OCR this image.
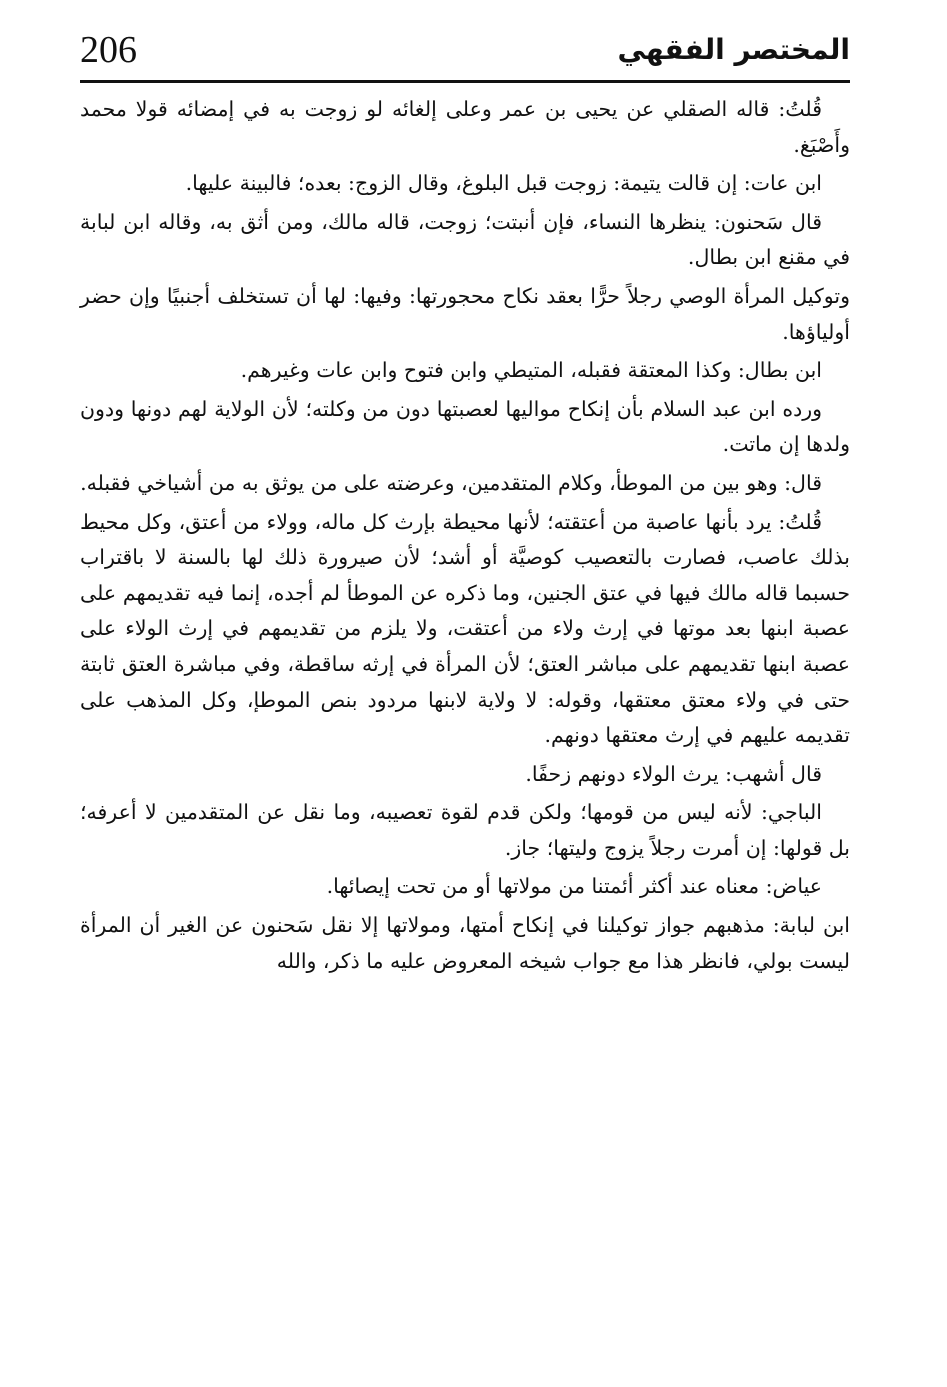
206	المختصر الفقهي

قُلتُ: قاله الصقلي عن يحيى بن عمر وعلى إلغائه لو زوجت به في إمضائه قولا محمد وأَصْبَغ.

ابن عات: إن قالت يتيمة: زوجت قبل البلوغ، وقال الزوج: بعده؛ فالبينة عليها.

قال سَحنون: ينظرها النساء، فإن أنبتت؛ زوجت، قاله مالك، ومن أثق به، وقاله ابن لبابة في مقنع ابن بطال.

وتوكيل المرأة الوصي رجلاً حرًّا بعقد نكاح محجورتها: وفيها: لها أن تستخلف أجنبيًا وإن حضر أولياؤها.

ابن بطال: وكذا المعتقة فقبله، المتيطي وابن فتوح وابن عات وغيرهم.

ورده ابن عبد السلام بأن إنكاح مواليها لعصبتها دون من وكلته؛ لأن الولاية لهم دونها ودون ولدها إن ماتت.

قال: وهو بين من الموطأ، وكلام المتقدمين، وعرضته على من يوثق به من أشياخي فقبله.

قُلتُ: يرد بأنها عاصبة من أعتقته؛ لأنها محيطة بإرث كل ماله، وولاء من أعتق، وكل محيط بذلك عاصب، فصارت بالتعصيب كوصيَّة أو أشد؛ لأن صيرورة ذلك لها بالسنة لا باقتراب حسبما قاله مالك فيها في عتق الجنين، وما ذكره عن الموطأ لم أجده، إنما فيه تقديمهم على عصبة ابنها بعد موتها في إرث ولاء من أعتقت، ولا يلزم من تقديمهم في إرث الولاء على عصبة ابنها تقديمهم على مباشر العتق؛ لأن المرأة في إرثه ساقطة، وفي مباشرة العتق ثابتة حتى في ولاء معتق معتقها، وقوله: لا ولاية لابنها مردود بنص الموطإ، وكل المذهب على تقديمه عليهم في إرث معتقها دونهم.

قال أشهب: يرث الولاء دونهم زحفًا.

الباجي: لأنه ليس من قومها؛ ولكن قدم لقوة تعصيبه، وما نقل عن المتقدمين لا أعرفه؛ بل قولها: إن أمرت رجلاً يزوج وليتها؛ جاز.

عياض: معناه عند أكثر أئمتنا من مولاتها أو من تحت إيصائها.

ابن لبابة: مذهبهم جواز توكيلنا في إنكاح أمتها، ومولاتها إلا نقل سَحنون عن الغير أن المرأة ليست بولي، فانظر هذا مع جواب شيخه المعروض عليه ما ذكر، والله
